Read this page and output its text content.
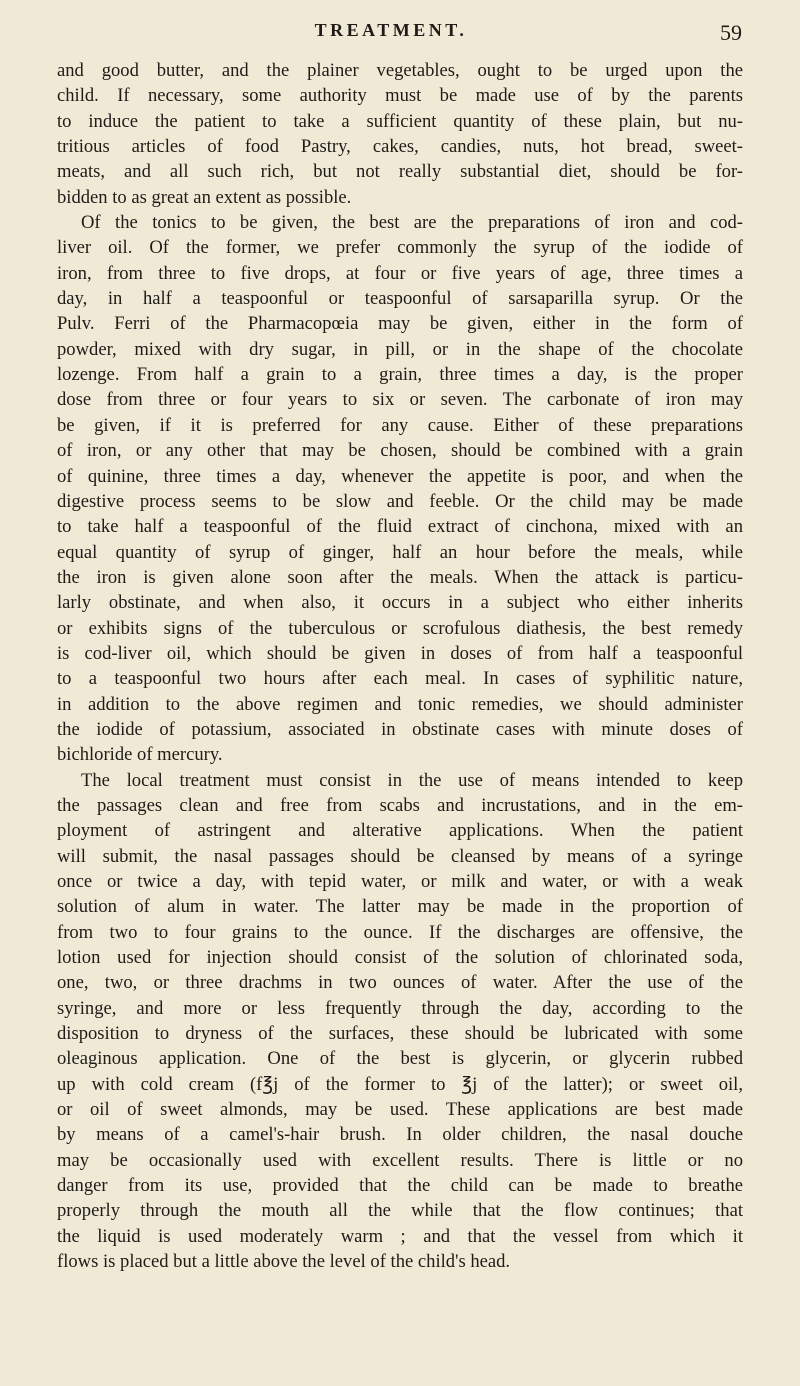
TREATMENT.	59
and good butter, and the plainer vegetables, ought to be urged upon the
child. If necessary, some authority must be made use of by the parents
to induce the patient to take a sufficient quantity of these plain, but nu-
tritious articles of food Pastry, cakes, candies, nuts, hot bread, sweet-
meats, and all such rich, but not really substantial diet, should be for-
bidden to as great an extent as possible.
Of the tonics to be given, the best are the preparations of iron and cod-
liver oil. Of the former, we prefer commonly the syrup of the iodide of
iron, from three to five drops, at four or five years of age, three times a
day, in half a teaspoonful or teaspoonful of sarsaparilla syrup. Or the
Pulv. Ferri of the Pharmacopœia may be given, either in the form of
powder, mixed with dry sugar, in pill, or in the shape of the chocolate
lozenge. From half a grain to a grain, three times a day, is the proper
dose from three or four years to six or seven. The carbonate of iron may
be given, if it is preferred for any cause. Either of these preparations
of iron, or any other that may be chosen, should be combined with a grain
of quinine, three times a day, whenever the appetite is poor, and when the
digestive process seems to be slow and feeble. Or the child may be made
to take half a teaspoonful of the fluid extract of cinchona, mixed with an
equal quantity of syrup of ginger, half an hour before the meals, while
the iron is given alone soon after the meals. When the attack is particu-
larly obstinate, and when also, it occurs in a subject who either inherits
or exhibits signs of the tuberculous or scrofulous diathesis, the best remedy
is cod-liver oil, which should be given in doses of from half a teaspoonful
to a teaspoonful two hours after each meal. In cases of syphilitic nature,
in addition to the above regimen and tonic remedies, we should administer
the iodide of potassium, associated in obstinate cases with minute doses of
bichloride of mercury.
The local treatment must consist in the use of means intended to keep
the passages clean and free from scabs and incrustations, and in the em-
ployment of astringent and alterative applications. When the patient
will submit, the nasal passages should be cleansed by means of a syringe
once or twice a day, with tepid water, or milk and water, or with a weak
solution of alum in water. The latter may be made in the proportion of
from two to four grains to the ounce. If the discharges are offensive, the
lotion used for injection should consist of the solution of chlorinated soda,
one, two, or three drachms in two ounces of water. After the use of the
syringe, and more or less frequently through the day, according to the
disposition to dryness of the surfaces, these should be lubricated with some
oleaginous application. One of the best is glycerin, or glycerin rubbed
up with cold cream (f℥j of the former to ℥j of the latter); or sweet oil,
or oil of sweet almonds, may be used. These applications are best made
by means of a camel's-hair brush. In older children, the nasal douche
may be occasionally used with excellent results. There is little or no
danger from its use, provided that the child can be made to breathe
properly through the mouth all the while that the flow continues; that
the liquid is used moderately warm ; and that the vessel from which it
flows is placed but a little above the level of the child's head.
